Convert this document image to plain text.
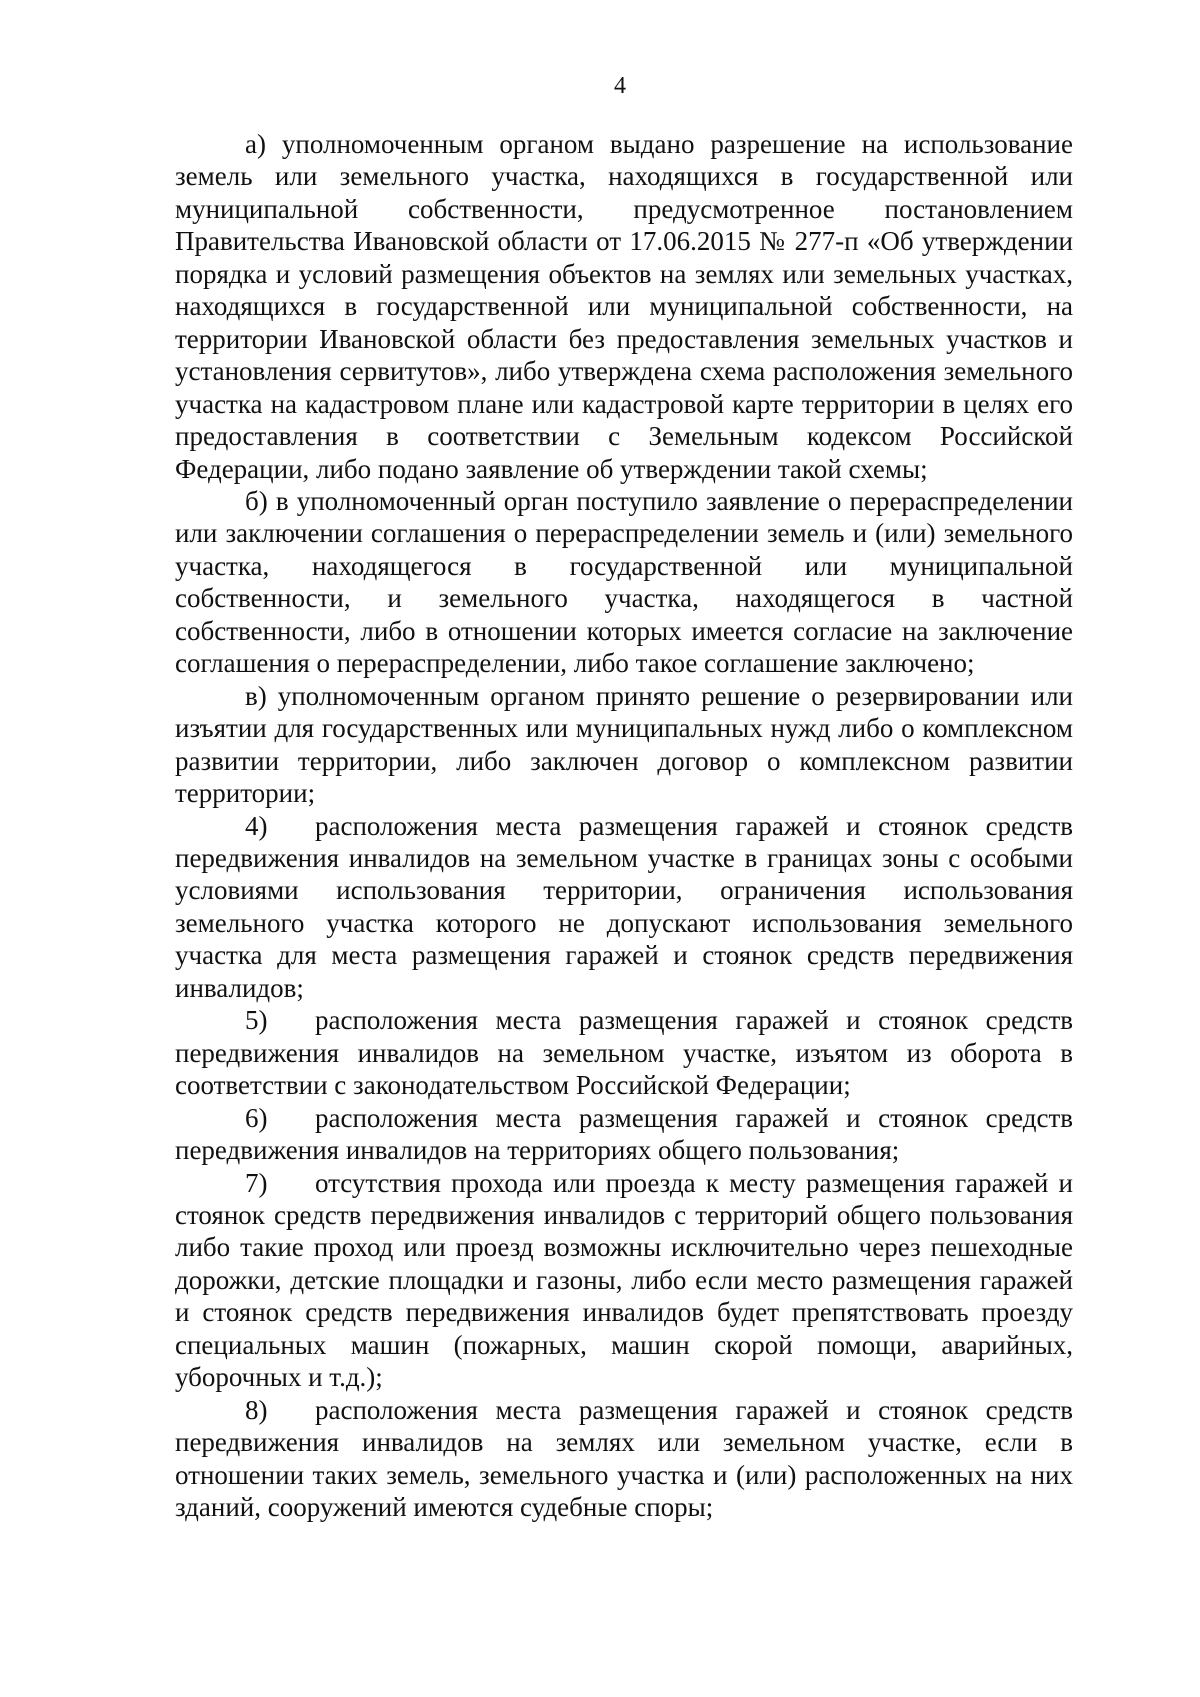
4

а) уполномоченным органом выдано разрешение на использование земель или земельного участка, находящихся в государственной или муниципальной собственности, предусмотренное постановлением Правительства Ивановской области от 17.06.2015 № 277-п «Об утверждении порядка и условий размещения объектов на землях или земельных участках, находящихся в государственной или муниципальной собственности, на территории Ивановской области без предоставления земельных участков и установления сервитутов», либо утверждена схема расположения земельного участка на кадастровом плане или кадастровой карте территории в целях его предоставления в соответствии с Земельным кодексом Российской Федерации, либо подано заявление об утверждении такой схемы;

б) в уполномоченный орган поступило заявление о перераспределении или заключении соглашения о перераспределении земель и (или) земельного участка, находящегося в государственной или муниципальной собственности, и земельного участка, находящегося в частной собственности, либо в отношении которых имеется согласие на заключение соглашения о перераспределении, либо такое соглашение заключено;

в) уполномоченным органом принято решение о резервировании или изъятии для государственных или муниципальных нужд либо о комплексном развитии территории, либо заключен договор о комплексном развитии территории;

4) расположения места размещения гаражей и стоянок средств передвижения инвалидов на земельном участке в границах зоны с особыми условиями использования территории, ограничения использования земельного участка которого не допускают использования земельного участка для места размещения гаражей и стоянок средств передвижения инвалидов;

5) расположения места размещения гаражей и стоянок средств передвижения инвалидов на земельном участке, изъятом из оборота в соответствии с законодательством Российской Федерации;

6) расположения места размещения гаражей и стоянок средств передвижения инвалидов на территориях общего пользования;

7) отсутствия прохода или проезда к месту размещения гаражей и стоянок средств передвижения инвалидов с территорий общего пользования либо такие проход или проезд возможны исключительно через пешеходные дорожки, детские площадки и газоны, либо если место размещения гаражей и стоянок средств передвижения инвалидов будет препятствовать проезду специальных машин (пожарных, машин скорой помощи, аварийных, уборочных и т.д.);

8) расположения места размещения гаражей и стоянок средств передвижения инвалидов на землях или земельном участке, если в отношении таких земель, земельного участка и (или) расположенных на них зданий, сооружений имеются судебные споры;
